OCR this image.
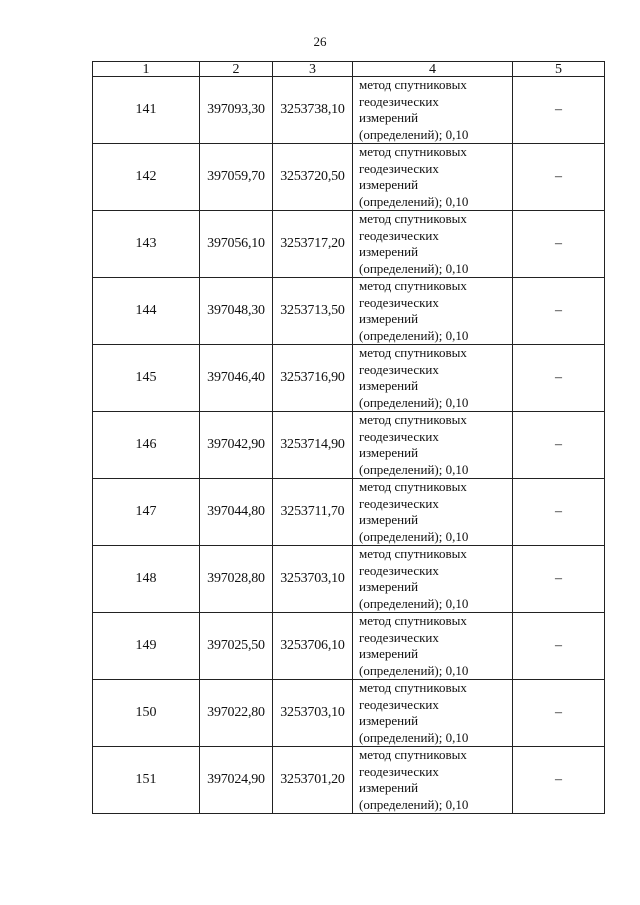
26
1	2	3	4	5
141	397093,30	3253738,10	метод спутниковых
геодезических
измерений
(определений); 0,10	–
142	397059,70	3253720,50	метод спутниковых
геодезических
измерений
(определений); 0,10	–
143	397056,10	3253717,20	метод спутниковых
геодезических
измерений
(определений); 0,10	–
144	397048,30	3253713,50	метод спутниковых
геодезических
измерений
(определений); 0,10	–
145	397046,40	3253716,90	метод спутниковых
геодезических
измерений
(определений); 0,10	–
146	397042,90	3253714,90	метод спутниковых
геодезических
измерений
(определений); 0,10	–
147	397044,80	3253711,70	метод спутниковых
геодезических
измерений
(определений); 0,10	–
148	397028,80	3253703,10	метод спутниковых
геодезических
измерений
(определений); 0,10	–
149	397025,50	3253706,10	метод спутниковых
геодезических
измерений
(определений); 0,10	–
150	397022,80	3253703,10	метод спутниковых
геодезических
измерений
(определений); 0,10	–
151	397024,90	3253701,20	метод спутниковых
геодезических
измерений
(определений); 0,10	–
